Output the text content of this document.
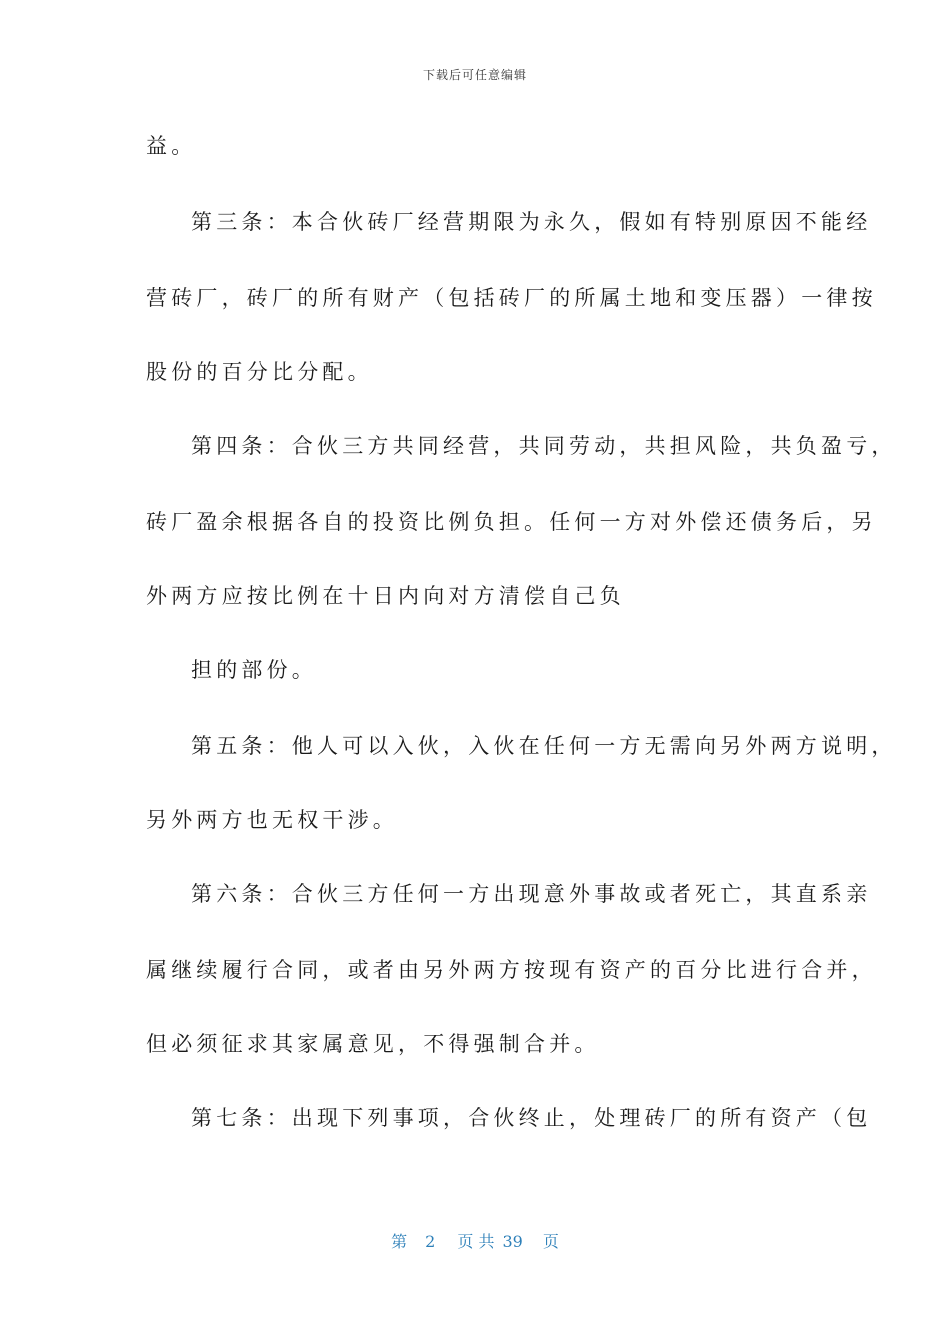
下载后可任意编辑
益。
第三条：本合伙砖厂经营期限为永久，假如有特别原因不能经
营砖厂，砖厂的所有财产（包括砖厂的所属土地和变压器）一律按
股份的百分比分配。
第四条：合伙三方共同经营，共同劳动，共担风险，共负盈亏，
砖厂盈余根据各自的投资比例负担。任何一方对外偿还债务后，另
外两方应按比例在十日内向对方清偿自己负
担的部份。
第五条：他人可以入伙，入伙在任何一方无需向另外两方说明，
另外两方也无权干涉。
第六条：合伙三方任何一方出现意外事故或者死亡，其直系亲
属继续履行合同，或者由另外两方按现有资产的百分比进行合并，
但必须征求其家属意见，不得强制合并。
第七条：出现下列事项，合伙终止，处理砖厂的所有资产（包
第 2 页 共 39 页
